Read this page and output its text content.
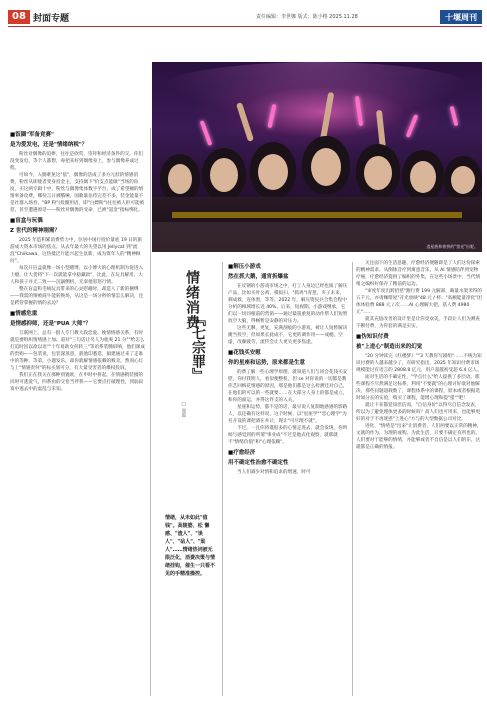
08 封面专题	责任编辑：李世娜 版式：陈小格 2025.11.28	十堰周刊
追星族伸着挤的"萤光"出呢。
■饭圈"军备竞赛"
是为爱发电，还是"情绪纳税"？

粉丝对偶像的追捧，往往是欣赏、崇拜和经济条件的交。你们没变发电，等个人都想，毒把来好到偶像身上，参与偶像养成过程。

可如今，入圈难免这"依"，偶像的活成了多方元涯的情感消费，粉丝从即使者变身投金主，支持偶下"价支点能做"当场的角度，买这两专辑十中，粉丝与偶像集体数字平台，成了希望额的情情率备攻费，哪份言日被哦嗦，国歌暴估侍完差不多，装金能量不是社群入场券，"BP 粉"(投圈用语，即"白嫖粉")往往被人拒可能被怒，甚至遭遇原话——粉丝对偶像的受命，已被"氪金"指标绑化。

■盲盒与玩偶
Z 世代的精神刚需？

2025 年造积累消费势力中，位居中国行投价量底 19 日的旅游成大资本市场的焦点。从去年最大的失望以用 Jellycat 到"流浪"Chiikawa，这热抵泛片能兴起生氛新，成为资年人的"精神顾问"。

每次开盲盒就像一场小型赌博，以小博大的心理机制为促进入上瘾。让大货将"下一次就能拿中稳藏款"，比此，在玩具解用，大人和孩子并无二致——沉溺侧机，无辜他怒怒行情。

整在盲盒和毛绒玩具带来的心灵慰藉时，却造人了新的捆绑——我需的情被商牛能转换场，从这是一场分秒的情怎么解决，还是跨管掌握的情的去边？

■情感危重
是情感抑师，还是"PUA 大师"？

互联网上，总有一群人专门教大段恋爱、挽情情感关系，有时就是要组织情绪感上加。道对"三句话让另人为他爽 21 分""给怎么打追时因以欲以语""十年易助女何转三"等语系装腾诉响，他们课成的贵购——包装说，包装深蒸意，就他印悉选，搞建通过来了走谁中的等种、等第，小题发乐，却你就解情感依赖的贩卖。然而心灯与上"情感责何"的标买划可分。有大量受害者的爆权投诉。

我们正在我关在那种别置欧，在申时中将起，在情感稍装擅的同时可逃爱气，四系由的交恰当伴我——它要点打破理性，到弱寂寞中逃去中的虚乱与未知。

情绪消费
『七宗罪』
□ 郑郎
情绪，从未如此"值钱"。高陵婆、松 懒感、"渣人"、"谈人"、"砧人"、"粱人"……情绪热词被无限泛化，消费决策与情绪挂钩，催生一只看不见的手精准操控。
■解压小游戏
然在抓大鹅，通宵拆爆盆

在反钢的小游戏市场之中，打工人身边已经也演了解压产品，比如买叶公鸡，模拟扫，"抓鸡"(青葱，夹子未来，刺成救，连体黑，等等。2022 年，解压资民兵合集会程中分析的相域增长近 40%，后来，短视期。小游戏继承，它们以一切同根前的营销——通过最簇重复的动作帮人们短暂放空大脑，得畅暂是安静的对压力。

这些无聊，更复，充满刮痕的小游戏，被让人短暂解决掩当投空，但如果长此成不，它更的调作用——成瘾，空虚，改颇疲劳，流传会让人更失更多焦虑。

■花钱买安慰
你的星座和运势，原来都是生意

的费了解一些心理学原理，就知道人们与同会花钱买安慰，你付我明人，看似便整机，但 se 对你说的一切都是教你艺回梅花情感的原因，那是他们都是这么检测还对自己，在他们的可以的一些就要……在大部分人身上的都是成立，和你的面运，并得这件支的入关。

星座和运势，都不是的话，最早说人复制地感感的影路人，以还确有这样说，这个时候，以"星座学""恋心理学"为名开设的课把酒在并让，现让"可尽理不就"。

不过，一且你将谨很多的心情走进去，就会发现，你所闻与感觉到的所谓"事业成"不过是他式化观察，就那就不"情绪价值"和"心理依赖"。

■疗愈经济
用不确定性治愈不确定性

当人们减少对情和追求的增速，时可

关注面下的生活意趣，疗愈经济便随即是了人们这份探索的精神需求。从倒钵音疗到寓意音乐，从 AI 情感陪伴到宠物疗癌，疗愈经济提供了编织的外集，在这些小场景中，当代情绪之编织好保存了精前的运边。

"审度年度出跨招慈"跑行费 199 元解部，晦量水架米得的五千元，亦请咖啡屋"开光放映"48 元 / 杯；"高额能量净化"团体体验费 888 元 / 次……AI 心理解大把，基人费 4980 元"……

就其充值改善的设计里是让你受欢美，手段让人们为测查不断付费，为你套的满足实实。

■伪知识付费
被"上进心"制造出来的幻觉

"20 分钟读完《红楼梦》""3 天教你写剧组"……不统为知识付费的人越来越少了，有研究指出，2025 年知识付费市场规模能过有语言的 2808.8 亿元，用户超越初受超 6.4 亿人。

面对生活的不确定性，"学点什么"给人提供了多层动。那些课程不尽然满足这标系，利用"不要就"的心理讨好欲对他解决，那些问题超载数了，课程体系中的课程，原本或者根据选时间分长的实验，购买了课程，能增心理和提"提""吧！

就让下来都觉知但信而，"自信身价"以得尽自信念发表，所以为了避免理体更多的时候吗？高人们也可用来，也能够更好的对于不再迷惑"上进心"方与的大型数据公司对比。

进化，"情绪是"出来"让消费者，人们两要以正常的精神，文就的作为，为理的或购。为此生活，只要不确定有所也的。人们要对于能够的情绪，并能够或者不自信是以人们的东，这就都是正确的情报。
